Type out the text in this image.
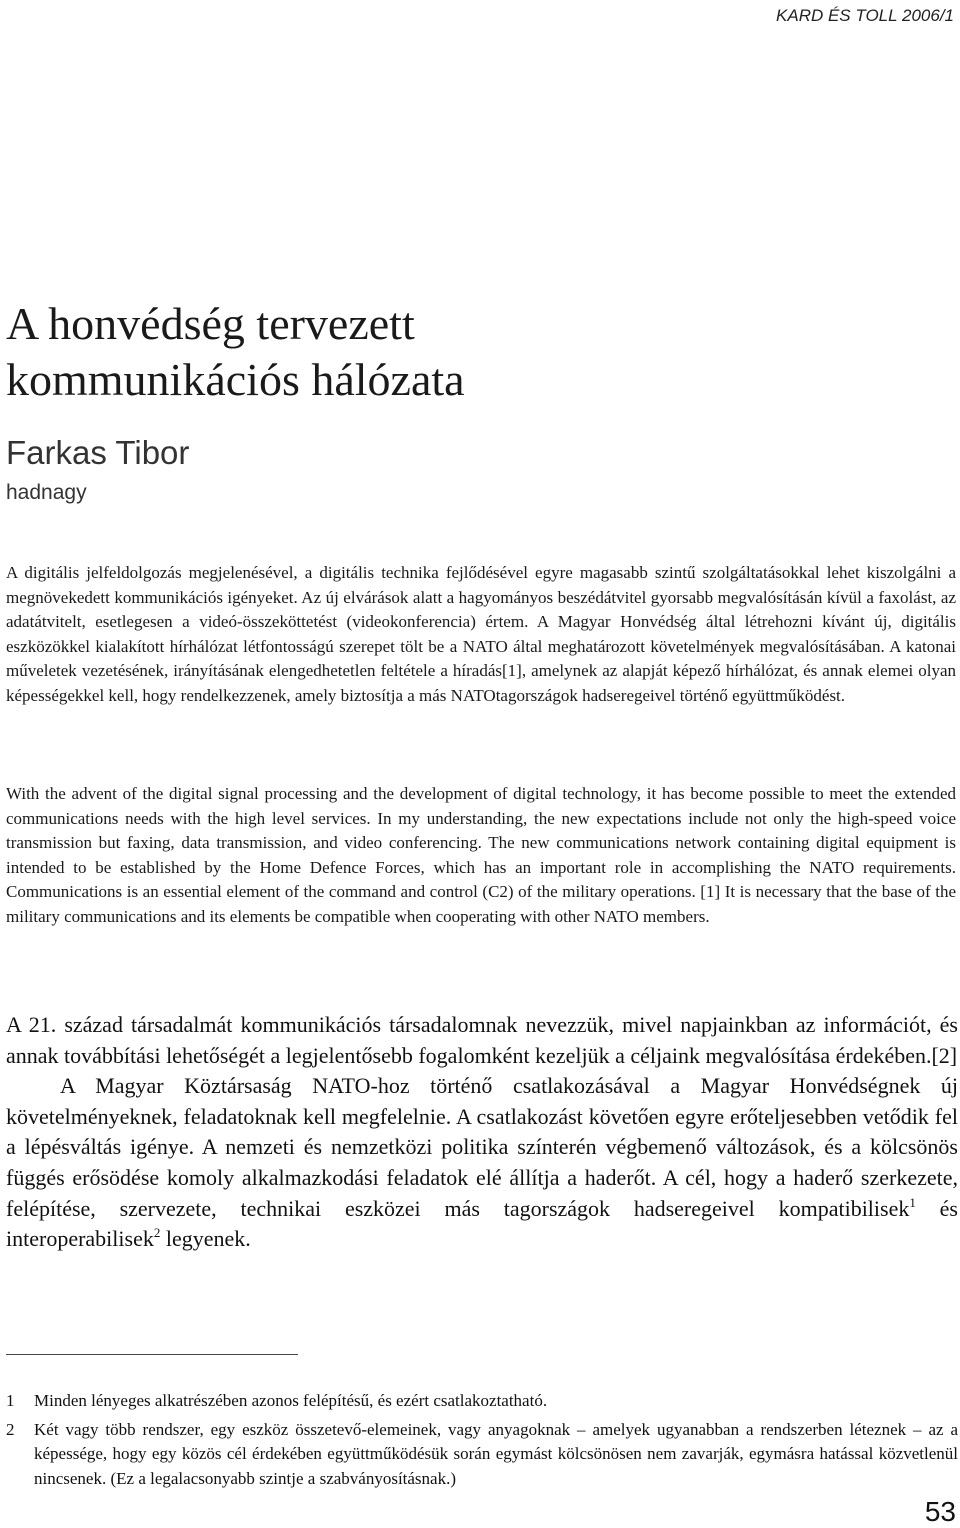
KARD ÉS TOLL 2006/1
A honvédség tervezett
kommunikációs hálózata
Farkas Tibor
hadnagy

A digitális jelfeldolgozás megjelenésével, a digitális technika fejlődésével egyre magasabb szintű szolgáltatásokkal lehet kiszolgálni a megnövekedett kommunikációs igényeket. Az új elvárások alatt a hagyományos beszédátvitel gyorsabb megvalósításán kívül a faxolást, az adatátvitelt, esetlegesen a videó-összeköttetést (videokonferencia) értem. A Magyar Honvédség által létrehozni kívánt új, digitális eszközökkel kialakított hírhálózat létfontosságú szerepet tölt be a NATO által meghatározott követelmények megvalósításában. A katonai műveletek vezetésének, irányításának elengedhetetlen feltétele a híradás[1], amelynek az alapját képező hírhálózat, és annak elemei olyan képességekkel kell, hogy rendelkezzenek, amely biztosítja a más NATOtagországok hadseregeivel történő együttműködést.

With the advent of the digital signal processing and the development of digital technology, it has become possible to meet the extended communications needs with the high level services. In my understanding, the new expectations include not only the high-speed voice transmission but faxing, data transmission, and video conferencing. The new communications network containing digital equipment is intended to be established by the Home Defence Forces, which has an important role in accomplishing the NATO requirements. Communications is an essential element of the command and control (C2) of the military operations. [1] It is necessary that the base of the military communications and its elements be compatible when cooperating with other NATO members.

A 21. század társadalmát kommunikációs társadalomnak nevezzük, mivel napjainkban az információt, és annak továbbítási lehetőségét a legjelentősebb fogalomként kezeljük a céljaink megvalósítása érdekében.[2]

A Magyar Köztársaság NATO-hoz történő csatlakozásával a Magyar Honvédségnek új követelményeknek, feladatoknak kell megfelelnie. A csatlakozást követően egyre erőteljesebben vetődik fel a lépésváltás igénye. A nemzeti és nemzetközi politika színterén végbemenő változások, és a kölcsönös függés erősödése komoly alkalmazkodási feladatok elé állítja a haderőt. A cél, hogy a haderő szerkezete, felépítése, szervezete, technikai eszközei más tagországok hadseregeivel kompatibilisek$^1$ és interoperabilisek$^2$ legyenek.

1	Minden lényeges alkatrészében azonos felépítésű, és ezért csatlakoztatható.
2	Két vagy több rendszer, egy eszköz összetevő-elemeinek, vagy anyagoknak – amelyek ugyanabban a rendszerben léteznek – az a képessége, hogy egy közös cél érdekében együttműködésük során egymást kölcsönösen nem zavarják, egymásra hatással közvetlenül nincsenek. (Ez a legalacsonyabb szintje a szabványosításnak.)
53
